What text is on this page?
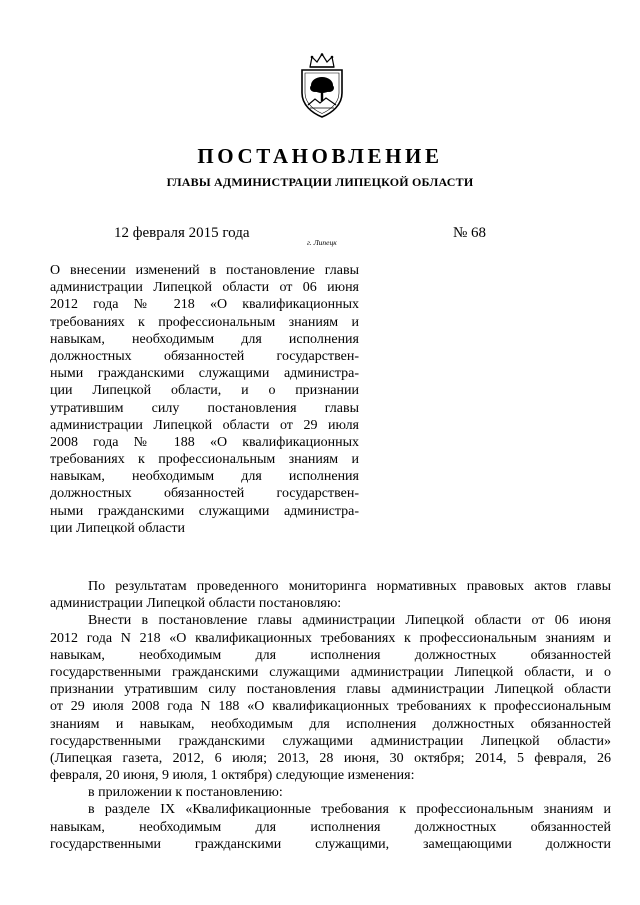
ПОСТАНОВЛЕНИЕ
ГЛАВЫ АДМИНИСТРАЦИИ ЛИПЕЦКОЙ ОБЛАСТИ
12 февраля 2015 года
г. Липецк
№ 68
О внесении изменений в постановление главы
администрации Липецкой области от 06 июня
2012 года № 218 «О квалификационных
требованиях к профессиональным знаниям и
навыкам, необходимым для исполнения
должностных обязанностей государствен-
ными гражданскими служащими администра-
ции Липецкой области, и о признании
утратившим силу постановления главы
администрации Липецкой области от 29 июля
2008 года № 188 «О квалификационных
требованиях к профессиональным знаниям и
навыкам, необходимым для исполнения
должностных обязанностей государствен-
ными гражданскими служащими администра-
ции Липецкой области
По результатам проведенного мониторинга нормативных правовых актов главы
администрации Липецкой области постановляю:
Внести в постановление главы администрации Липецкой области от 06 июня
2012 года N 218 «О квалификационных требованиях к профессиональным знаниям и
навыкам, необходимым для исполнения должностных обязанностей
государственными гражданскими служащими администрации Липецкой области, и о
признании утратившим силу постановления главы администрации Липецкой области
от 29 июля 2008 года N 188 «О квалификационных требованиях к профессиональным
знаниям и навыкам, необходимым для исполнения должностных обязанностей
государственными гражданскими служащими администрации Липецкой области»
(Липецкая газета, 2012, 6 июля; 2013, 28 июня, 30 октября; 2014, 5 февраля, 26
февраля, 20 июня, 9 июля, 1 октября) следующие изменения:
в приложении к постановлению:
в разделе IX «Квалификационные требования к профессиональным знаниям и
навыкам, необходимым для исполнения должностных обязанностей
государственными гражданскими служащими, замещающими должности
